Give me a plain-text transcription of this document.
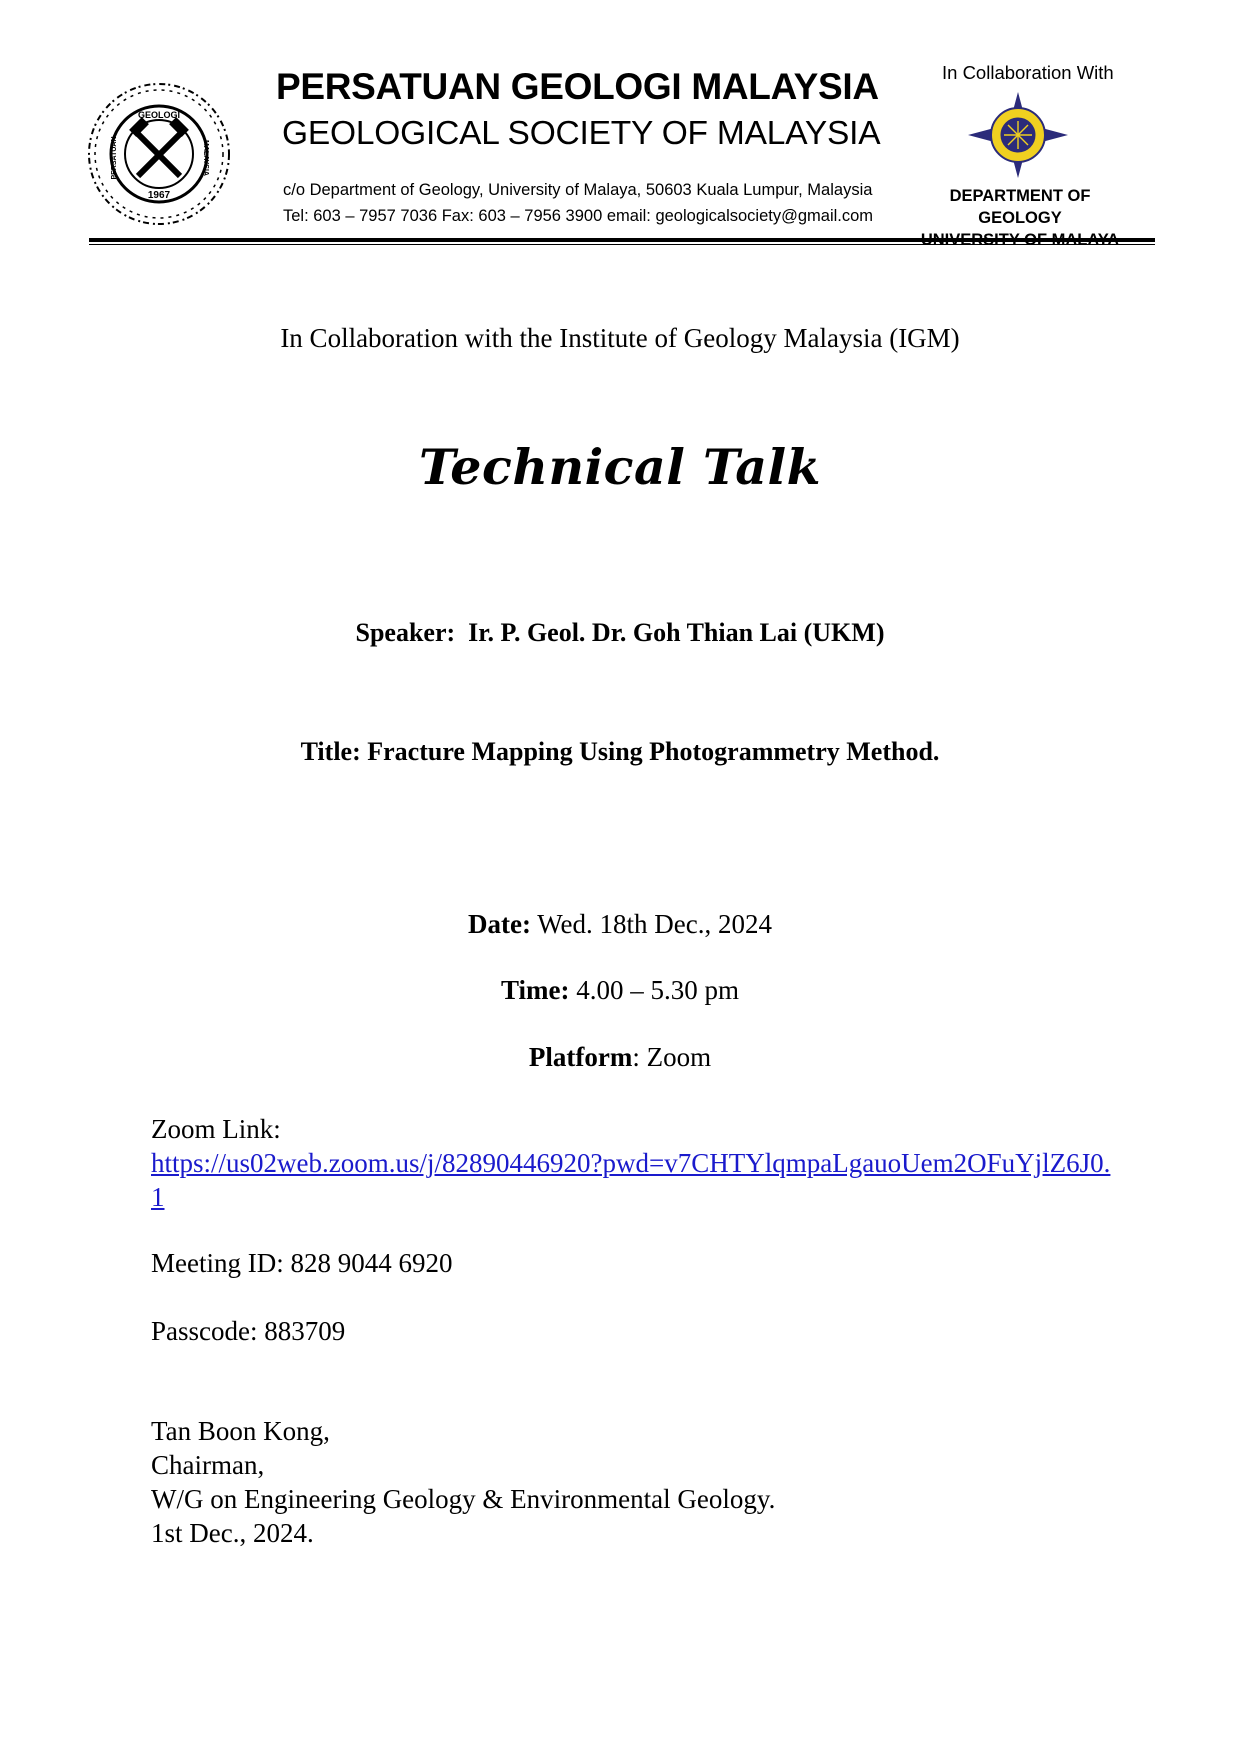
GEOLOGI
MALAYSIA
PERSATUAN
1967
PERSATUAN GEOLOGI MALAYSIA
GEOLOGICAL SOCIETY OF MALAYSIA
c/o Department of Geology, University of Malaya, 50603 Kuala Lumpur, Malaysia
Tel: 603 – 7957 7036 Fax: 603 – 7956 3900 email: geologicalsociety@gmail.com
In Collaboration With
DEPARTMENT OF GEOLOGY
In Collaboration with the Institute of Geology Malaysia (IGM)
Technical Talk
Speaker: Ir. P. Geol. Dr. Goh Thian Lai (UKM)
Title: Fracture Mapping Using Photogrammetry Method.
Date: Wed. 18th Dec., 2024
Time: 4.00 – 5.30 pm
Platform: Zoom
Zoom Link:
https://us02web.zoom.us/j/82890446920?pwd=v7CHTYlqmpaLgauoUem2OFuYjlZ6J0.1
Meeting ID: 828 9044 6920
Passcode: 883709
Tan Boon Kong,
Chairman,
W/G on Engineering Geology & Environmental Geology.
1st Dec., 2024.
